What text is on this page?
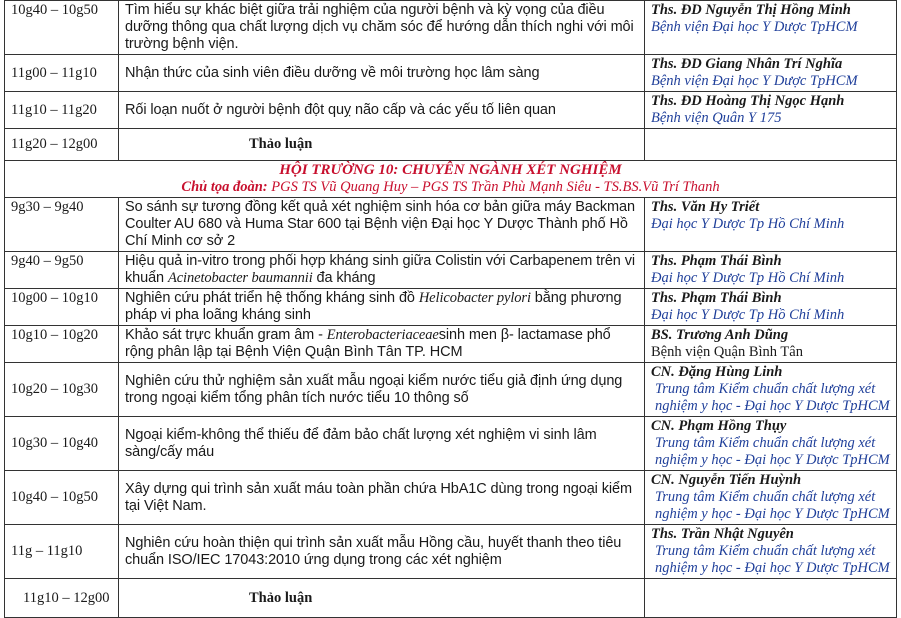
10g40 – 10g50	Tìm hiểu sự khác biệt giữa trải nghiệm của người bệnh và kỳ vọng của điều dưỡng thông qua chất lượng dịch vụ chăm sóc để hướng dẫn thích nghi với môi trường bệnh viện.	Ths. ĐD Nguyễn Thị Hồng Minh
Bệnh viện Đại học Y Dược TpHCM

11g00 – 11g10	Nhận thức của sinh viên điều dưỡng về môi trường học lâm sàng	Ths. ĐD Giang Nhân Trí Nghĩa
Bệnh viện Đại học Y Dược TpHCM

11g10 – 11g20	Rối loạn nuốt ở người bệnh đột quỵ não cấp và các yếu tố liên quan	Ths. ĐD Hoàng Thị Ngọc Hạnh
Bệnh viện Quân Y 175

11g20 – 12g00	Thảo luận	

HỘI TRƯỜNG 10: CHUYÊN NGÀNH XÉT NGHIỆM
Chủ tọa đoàn: PGS TS Vũ Quang Huy – PGS TS Trần Phù Mạnh Siêu - TS.BS.Vũ Trí Thanh		

9g30 – 9g40	So sánh sự tương đồng kết quả xét nghiệm sinh hóa cơ bản giữa máy Backman Coulter AU 680 và Huma Star 600 tại Bệnh viện Đại học Y Dược Thành phố Hồ Chí Minh cơ sở 2	Ths. Văn Hy Triết
Đại học Y Dược Tp Hồ Chí Minh

9g40 – 9g50	Hiệu quả in-vitro trong phối hợp kháng sinh giữa Colistin với Carbapenem trên vi khuẩn Acinetobacter baumannii đa kháng	Ths. Phạm Thái Bình
Đại học Y Dược Tp Hồ Chí Minh

10g00 – 10g10	Nghiên cứu phát triển hệ thống kháng sinh đồ Helicobacter pylori bằng phương pháp vi pha loãng kháng sinh	Ths. Phạm Thái Bình
Đại học Y Dược Tp Hồ Chí Minh

10g10 – 10g20	Khảo sát trực khuẩn gram âm - Enterobacteriaceaesinh men β- lactamase phổ rộng phân lập tại Bệnh Viện Quận Bình Tân TP. HCM	BS. Trương Anh Dũng
Bệnh viện Quận Bình Tân

10g20 – 10g30	Nghiên cứu thử nghiệm sản xuất mẫu ngoại kiểm nước tiểu giả định ứng dụng trong ngoại kiểm tổng phân tích nước tiểu 10 thông số	CN. Đặng Hùng Linh
Trung tâm Kiểm chuẩn chất lượng xét nghiệm y học - Đại học Y Dược TpHCM

10g30 – 10g40	Ngoại kiểm-không thể thiếu để đảm bảo chất lượng xét nghiệm vi sinh lâm sàng/cấy máu	CN. Phạm Hồng Thụy
Trung tâm Kiểm chuẩn chất lượng xét nghiệm y học - Đại học Y Dược TpHCM

10g40 – 10g50	Xây dựng qui trình sản xuất máu toàn phần chứa HbA1C dùng trong ngoại kiểm tại Việt Nam.	CN. Nguyễn Tiến Huỳnh
Trung tâm Kiểm chuẩn chất lượng xét nghiệm y học - Đại học Y Dược TpHCM

11g – 11g10	Nghiên cứu hoàn thiện qui trình sản xuất mẫu Hồng cầu, huyết thanh theo tiêu chuẩn ISO/IEC 17043:2010 ứng dụng trong các xét nghiệm	Ths. Trần Nhật Nguyên
Trung tâm Kiểm chuẩn chất lượng xét nghiệm y học - Đại học Y Dược TpHCM

11g10 – 12g00	Thảo luận	
